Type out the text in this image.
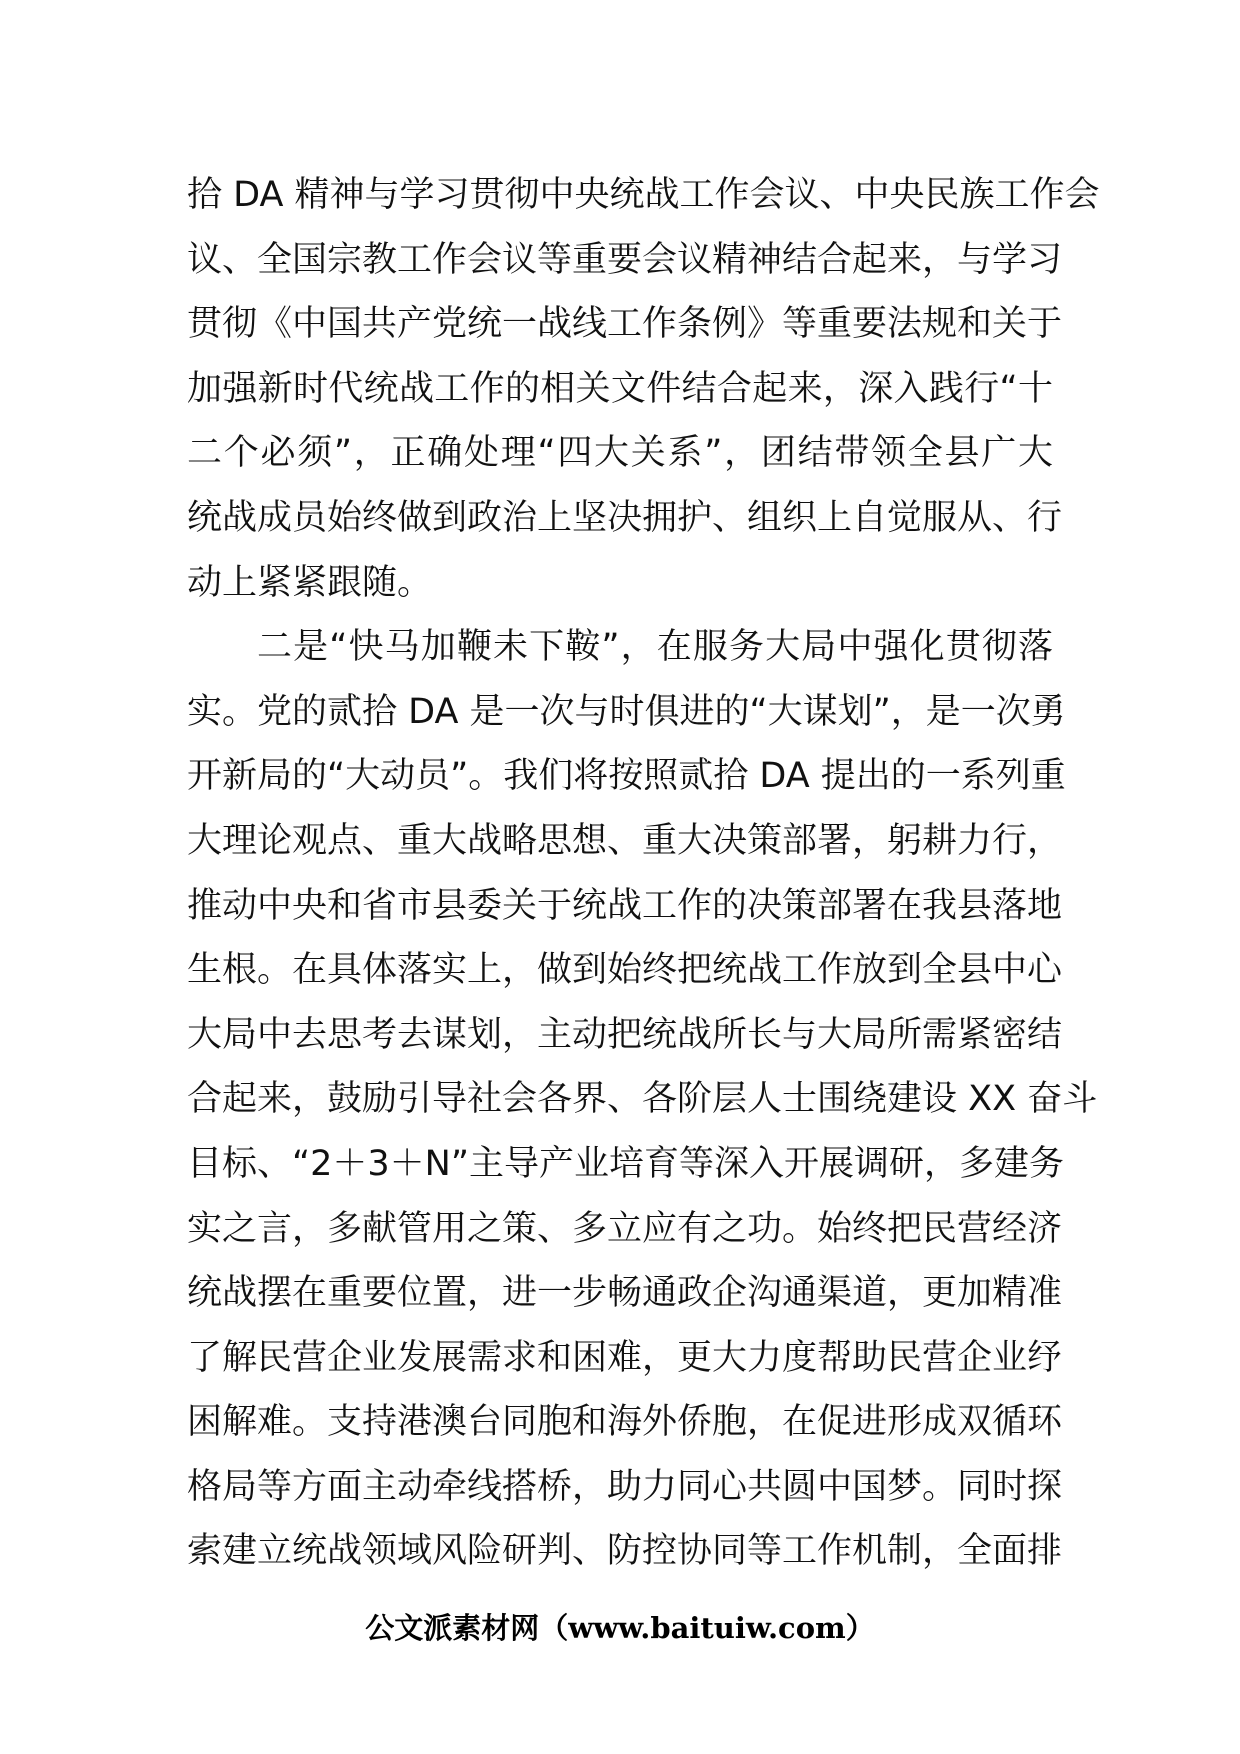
拾 DA 精神与学习贯彻中央统战工作会议、中央民族工作会
议、全国宗教工作会议等重要会议精神结合起来，与学习
贯彻《中国共产党统一战线工作条例》等重要法规和关于
加强新时代统战工作的相关文件结合起来，深入践行“十
二个必须”，正确处理“四大关系”，团结带领全县广大
统战成员始终做到政治上坚决拥护、组织上自觉服从、行
动上紧紧跟随。
二是“快马加鞭未下鞍”，在服务大局中强化贯彻落
实。党的贰拾 DA 是一次与时俱进的“大谋划”，是一次勇
开新局的“大动员”。我们将按照贰拾 DA 提出的一系列重
大理论观点、重大战略思想、重大决策部署，躬耕力行，
推动中央和省市县委关于统战工作的决策部署在我县落地
生根。在具体落实上，做到始终把统战工作放到全县中心
大局中去思考去谋划，主动把统战所长与大局所需紧密结
合起来，鼓励引导社会各界、各阶层人士围绕建设 XX 奋斗
目标、“2＋3＋N”主导产业培育等深入开展调研，多建务
实之言，多献管用之策、多立应有之功。始终把民营经济
统战摆在重要位置，进一步畅通政企沟通渠道，更加精准
了解民营企业发展需求和困难，更大力度帮助民营企业纾
困解难。支持港澳台同胞和海外侨胞，在促进形成双循环
格局等方面主动牵线搭桥，助力同心共圆中国梦。同时探
索建立统战领域风险研判、防控协同等工作机制，全面排
公文派素材网（www.baituiw.com）
